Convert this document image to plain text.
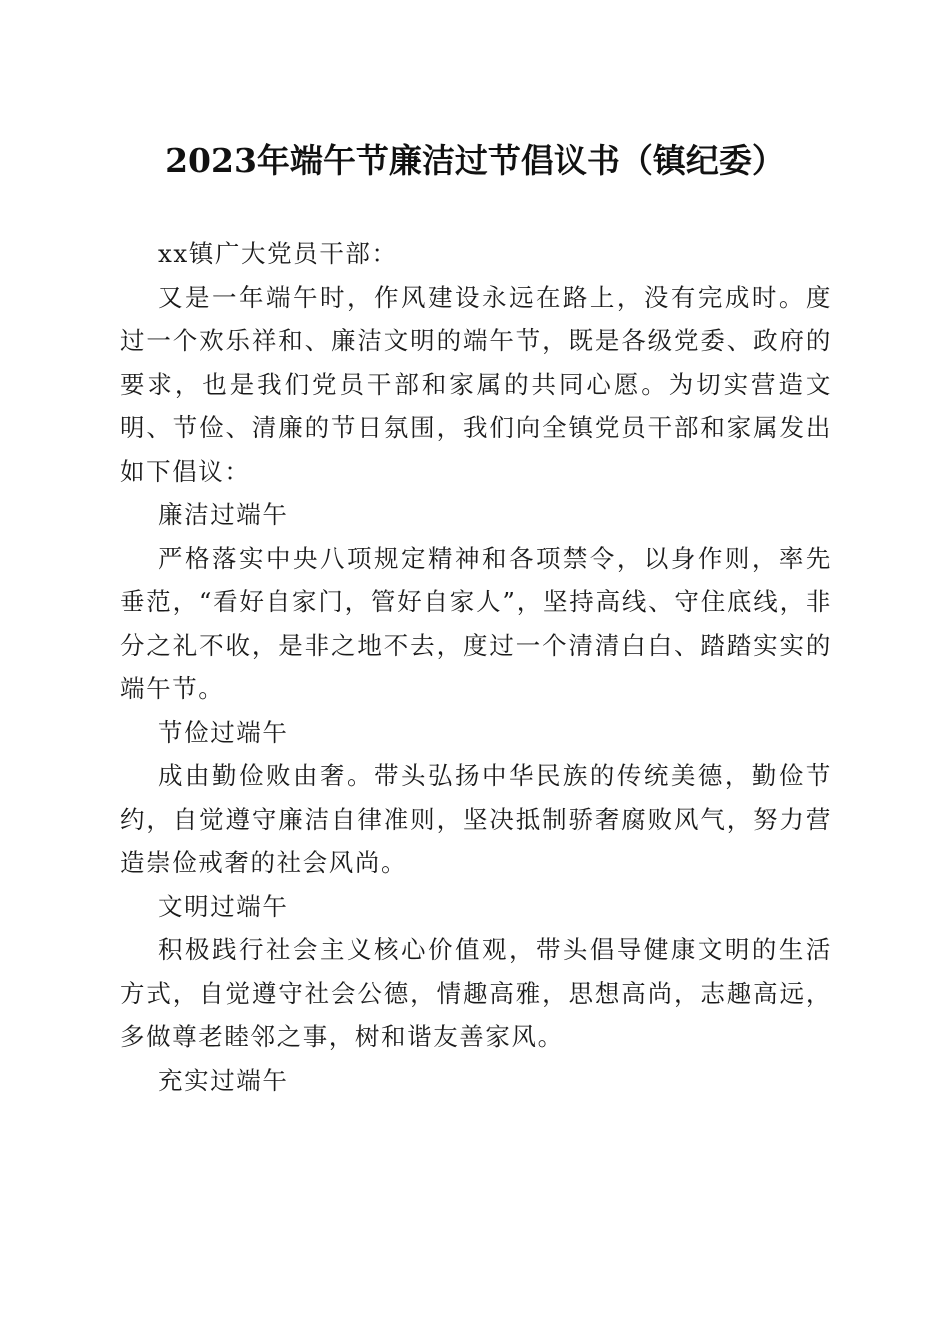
2023年端午节廉洁过节倡议书（镇纪委）

xx镇广大党员干部：

又是一年端午时，作风建设永远在路上，没有完成时。度过一个欢乐祥和、廉洁文明的端午节，既是各级党委、政府的要求，也是我们党员干部和家属的共同心愿。为切实营造文明、节俭、清廉的节日氛围，我们向全镇党员干部和家属发出如下倡议：

廉洁过端午

严格落实中央八项规定精神和各项禁令，以身作则，率先垂范，“看好自家门，管好自家人”，坚持高线、守住底线，非分之礼不收，是非之地不去，度过一个清清白白、踏踏实实的端午节。

节俭过端午

成由勤俭败由奢。带头弘扬中华民族的传统美德，勤俭节约，自觉遵守廉洁自律准则，坚决抵制骄奢腐败风气，努力营造崇俭戒奢的社会风尚。

文明过端午

积极践行社会主义核心价值观，带头倡导健康文明的生活方式，自觉遵守社会公德，情趣高雅，思想高尚，志趣高远，多做尊老睦邻之事，树和谐友善家风。

充实过端午
